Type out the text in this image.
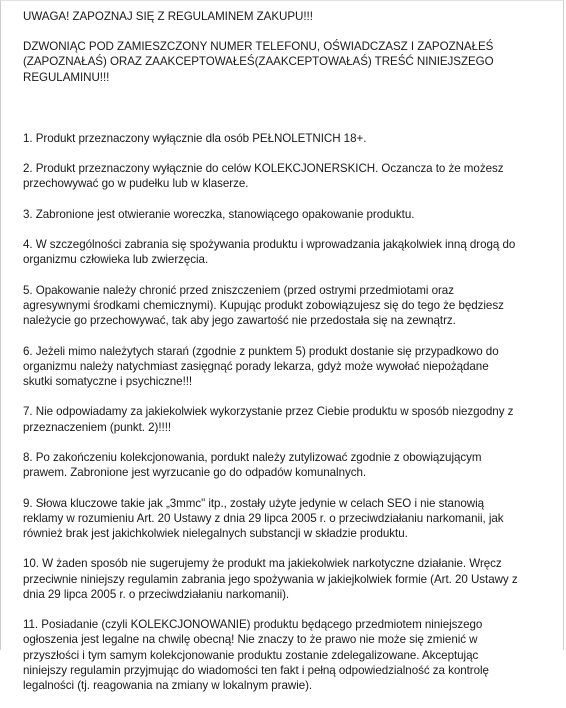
UWAGA! ZAPOZNAJ SIĘ Z REGULAMINEM ZAKUPU!!!

DZWONIĄC POD ZAMIESZCZONY NUMER TELEFONU, OŚWIADCZASZ I ZAPOZNAŁEŚ
(ZAPOZNAŁAŚ) ORAZ ZAAKCEPTOWAŁEŚ(ZAAKCEPTOWAŁAŚ) TREŚĆ NINIEJSZEGO
REGULAMINU!!!

1. Produkt przeznaczony wyłącznie dla osób PEŁNOLETNICH 18+.
2. Produkt przeznaczony wyłącznie do celów KOLEKCJONERSKICH. Oczancza to że możesz
przechowywać go w pudełku lub w klaserze.
3. Zabronione jest otwieranie woreczka, stanowiącego opakowanie produktu.
4. W szczególności zabrania się spożywania produktu i wprowadzania jakąkolwiek inną drogą do
organizmu człowieka lub zwierzęcia.
5. Opakowanie należy chronić przed zniszczeniem (przed ostrymi przedmiotami oraz
agresywnymi środkami chemicznymi). Kupując produkt zobowiązujesz się do tego że będziesz
należycie go przechowywać, tak aby jego zawartość nie przedostała się na zewnątrz.
6. Jeżeli mimo należytych starań (zgodnie z punktem 5) produkt dostanie się przypadkowo do
organizmu należy natychmiast zasięgnąć porady lekarza, gdyż może wywołać niepożądane
skutki somatyczne i psychiczne!!!
7. Nie odpowiadamy za jakiekolwiek wykorzystanie przez Ciebie produktu w sposób niezgodny z
przeznaczeniem (punkt. 2)!!!!
8. Po zakończeniu kolekcjonowania, pordukt należy zutylizować zgodnie z obowiązującym
prawem. Zabronione jest wyrzucanie go do odpadów komunalnych.
9. Słowa kluczowe takie jak „3mmc" itp., zostały użyte jedynie w celach SEO i nie stanowią
reklamy w rozumieniu Art. 20 Ustawy z dnia 29 lipca 2005 r. o przeciwdziałaniu narkomanii, jak
również brak jest jakichkolwiek nielegalnych substancji w składzie produktu.
10. W żaden sposób nie sugerujemy że produkt ma jakiekolwiek narkotyczne działanie. Wręcz
przeciwnie niniejszy regulamin zabrania jego spożywania w jakiejkolwiek formie (Art. 20 Ustawy z
dnia 29 lipca 2005 r. o przeciwdziałaniu narkomanii).
11. Posiadanie (czyli KOLEKCJONOWANIE) produktu będącego przedmiotem niniejszego
ogłoszenia jest legalne na chwilę obecną! Nie znaczy to że prawo nie może się zmienić w
przyszłości i tym samym kolekcjonowanie produktu zostanie zdelegalizowane. Akceptując
niniejszy regulamin przyjmując do wiadomości ten fakt i pełną odpowiedzialność za kontrolę
legalności (tj. reagowania na zmiany w lokalnym prawie).
